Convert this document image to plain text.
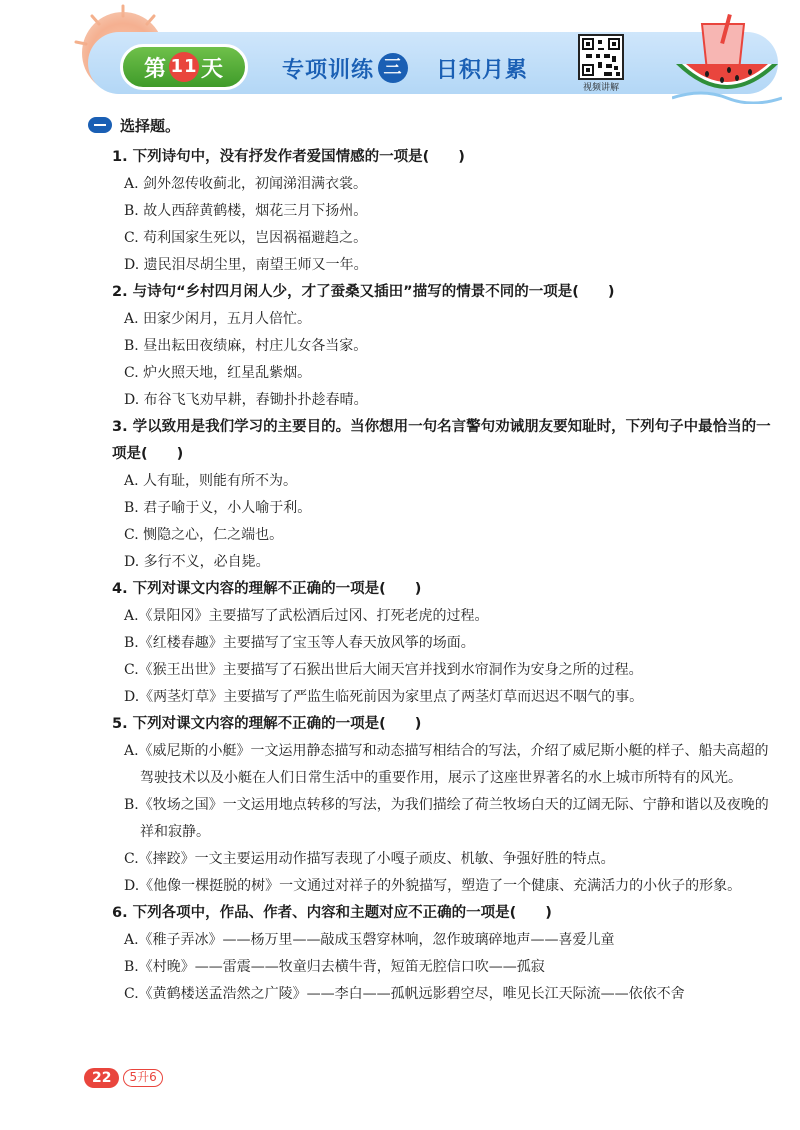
第 11 天	专项训练 三 日积月累
视频讲解
选择题。
1. 下列诗句中，没有抒发作者爱国情感的一项是(　　)
A. 剑外忽传收蓟北，初闻涕泪满衣裳。
B. 故人西辞黄鹤楼，烟花三月下扬州。
C. 苟利国家生死以，岂因祸福避趋之。
D. 遗民泪尽胡尘里，南望王师又一年。
2. 与诗句“乡村四月闲人少，才了蚕桑又插田”描写的情景不同的一项是(　　)
A. 田家少闲月，五月人倍忙。
B. 昼出耘田夜绩麻，村庄儿女各当家。
C. 炉火照天地，红星乱紫烟。
D. 布谷飞飞劝早耕，舂锄扑扑趁春晴。
3. 学以致用是我们学习的主要目的。当你想用一句名言警句劝诫朋友要知耻时，下列句子中最恰当的一项是(　　)
A. 人有耻，则能有所不为。
B. 君子喻于义，小人喻于利。
C. 恻隐之心，仁之端也。
D. 多行不义，必自毙。
4. 下列对课文内容的理解不正确的一项是(　　)
A.《景阳冈》主要描写了武松酒后过冈、打死老虎的过程。
B.《红楼春趣》主要描写了宝玉等人春天放风筝的场面。
C.《猴王出世》主要描写了石猴出世后大闹天宫并找到水帘洞作为安身之所的过程。
D.《两茎灯草》主要描写了严监生临死前因为家里点了两茎灯草而迟迟不咽气的事。
5. 下列对课文内容的理解不正确的一项是(　　)
A.《威尼斯的小艇》一文运用静态描写和动态描写相结合的写法，介绍了威尼斯小艇的样子、船夫高超的驾驶技术以及小艇在人们日常生活中的重要作用，展示了这座世界著名的水上城市所特有的风光。
B.《牧场之国》一文运用地点转移的写法，为我们描绘了荷兰牧场白天的辽阔无际、宁静和谐以及夜晚的祥和寂静。
C.《摔跤》一文主要运用动作描写表现了小嘎子顽皮、机敏、争强好胜的特点。
D.《他像一棵挺脱的树》一文通过对祥子的外貌描写，塑造了一个健康、充满活力的小伙子的形象。
6. 下列各项中，作品、作者、内容和主题对应不正确的一项是(　　)
A.《稚子弄冰》——杨万里——敲成玉磬穿林响，忽作玻璃碎地声——喜爱儿童
B.《村晚》——雷震——牧童归去横牛背，短笛无腔信口吹——孤寂
C.《黄鹤楼送孟浩然之广陵》——李白——孤帆远影碧空尽，唯见长江天际流——依依不舍
22	5升6
